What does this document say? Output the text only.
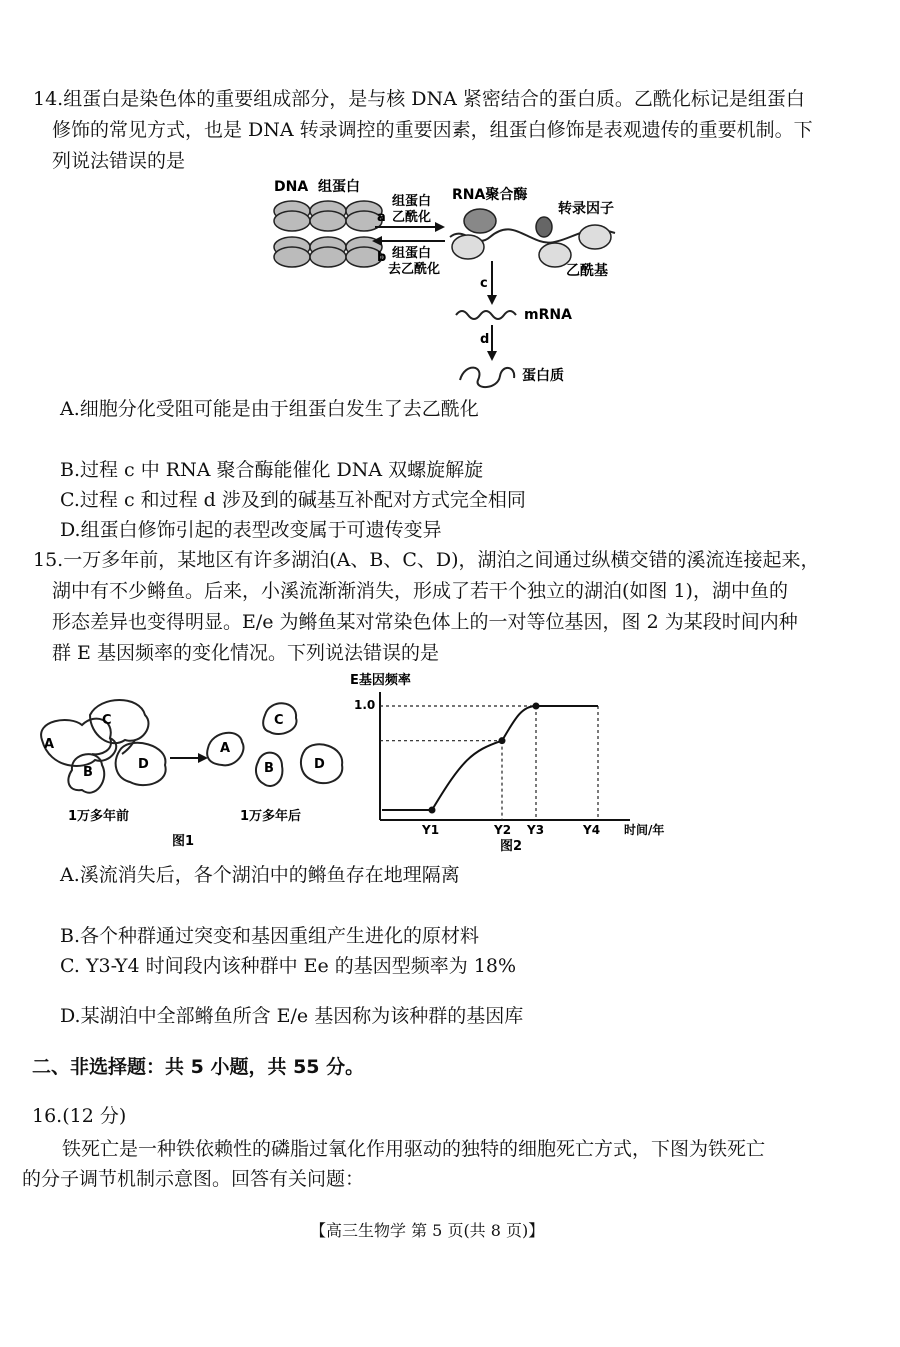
14.组蛋白是染色体的重要组成部分，是与核 DNA 紧密结合的蛋白质。乙酰化标记是组蛋白
修饰的常见方式，也是 DNA 转录调控的重要因素，组蛋白修饰是表观遗传的重要机制。下
列说法错误的是
DNA 组蛋白
a
b
组蛋白
乙酰化
组蛋白
去乙酰化
RNA聚合酶
转录因子
乙酰基
c
mRNA
d
蛋白质
A.细胞分化受阻可能是由于组蛋白发生了去乙酰化
B.过程 c 中 RNA 聚合酶能催化 DNA 双螺旋解旋
C.过程 c 和过程 d 涉及到的碱基互补配对方式完全相同
D.组蛋白修饰引起的表型改变属于可遗传变异
15.一万多年前，某地区有许多湖泊(A、B、C、D)，湖泊之间通过纵横交错的溪流连接起来，
湖中有不少鳉鱼。后来，小溪流渐渐消失，形成了若干个独立的湖泊(如图 1)，湖中鱼的
形态差异也变得明显。E/e 为鳉鱼某对常染色体上的一对等位基因，图 2 为某段时间内种
群 E 基因频率的变化情况。下列说法错误的是
A
C
B
D
1万多年前
A
C
B	D
1万多年后
图1
E基因频率
1.0
Y1	Y2 Y3	Y4 时间/年
图2
A.溪流消失后，各个湖泊中的鳉鱼存在地理隔离
B.各个种群通过突变和基因重组产生进化的原材料
C. Y3-Y4 时间段内该种群中 Ee 的基因型频率为 18%
D.某湖泊中全部鳉鱼所含 E/e 基因称为该种群的基因库
二、非选择题：共 5 小题，共 55 分。
16.(12 分)
铁死亡是一种铁依赖性的磷脂过氧化作用驱动的独特的细胞死亡方式，下图为铁死亡
的分子调节机制示意图。回答有关问题：
【高三生物学 第 5 页(共 8 页)】
